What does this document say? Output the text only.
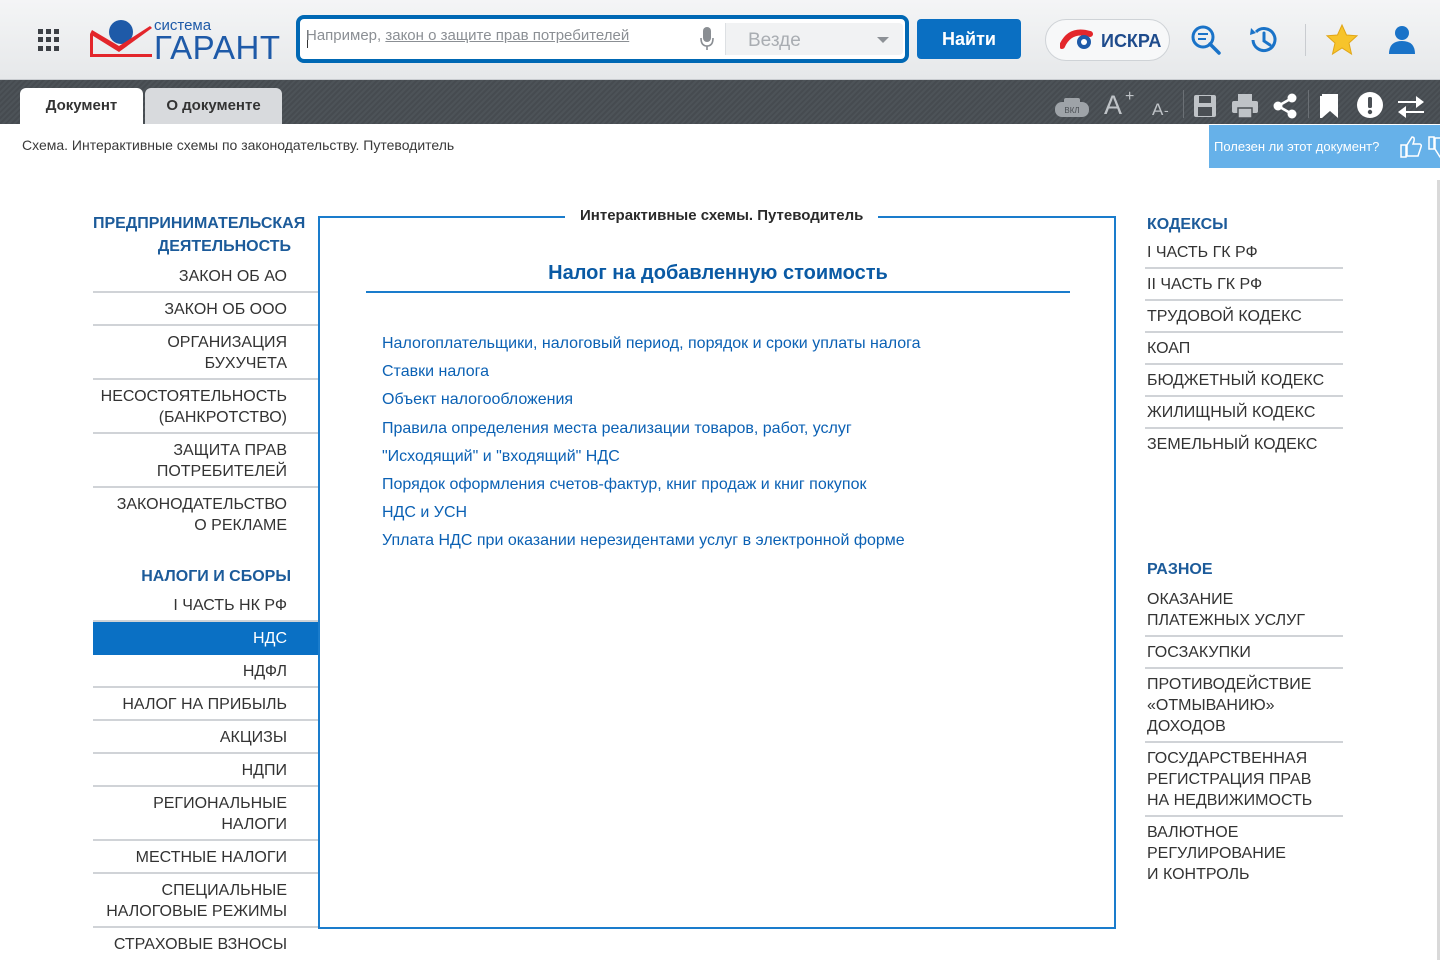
система
ГАРАНТ Например, закон о защите прав потребителей	Везде	Найти	ИСКРА
Документ	О документе	ВКЛ A +
A -
Схема. Интерактивные схемы по законодательству. Путеводитель	Полезен ли этот документ?
ПРЕДПРИНИМАТЕЛЬСКАЯ ДЕЯТЕЛЬНОСТЬ
ЗАКОН ОБ АО
ЗАКОН ОБ ООО
ОРГАНИЗАЦИЯ БУХУЧЕТА
НЕСОСТОЯТЕЛЬНОСТЬ
(БАНКРОТСТВО)
ЗАЩИТА ПРАВ
ПОТРЕБИТЕЛЕЙ
ЗАКОНОДАТЕЛЬСТВО
О РЕКЛАМЕ
НАЛОГИ И СБОРЫ
I ЧАСТЬ НК РФ
НДС
НДФЛ
НАЛОГ НА ПРИБЫЛЬ
АКЦИЗЫ
НДПИ
РЕГИОНАЛЬНЫЕ
НАЛОГИ
МЕСТНЫЕ НАЛОГИ
СПЕЦИАЛЬНЫЕ
НАЛОГОВЫЕ РЕЖИМЫ
СТРАХОВЫЕ ВЗНОСЫ
Интерактивные схемы. Путеводитель
Налог на добавленную стоимость
Налогоплательщики, налоговый период, порядок и сроки уплаты налога
Ставки налога
Объект налогообложения
Правила определения места реализации товаров, работ, услуг
"Исходящий" и "входящий" НДС
Порядок оформления счетов-фактур, книг продаж и книг покупок
НДС и УСН
Уплата НДС при оказании нерезидентами услуг в электронной форме
КОДЕКСЫ
I ЧАСТЬ ГК РФ
II ЧАСТЬ ГК РФ
ТРУДОВОЙ КОДЕКС
КОАП
БЮДЖЕТНЫЙ КОДЕКС
ЖИЛИЩНЫЙ КОДЕКС
ЗЕМЕЛЬНЫЙ КОДЕКС
РАЗНОЕ
ОКАЗАНИЕ
ПЛАТЕЖНЫХ УСЛУГ
ГОСЗАКУПКИ
ПРОТИВОДЕЙСТВИЕ
«ОТМЫВАНИЮ»
ДОХОДОВ
ГОСУДАРСТВЕННАЯ
РЕГИСТРАЦИЯ ПРАВ
НА НЕДВИЖИМОСТЬ
ВАЛЮТНОЕ
РЕГУЛИРОВАНИЕ
И КОНТРОЛЬ
